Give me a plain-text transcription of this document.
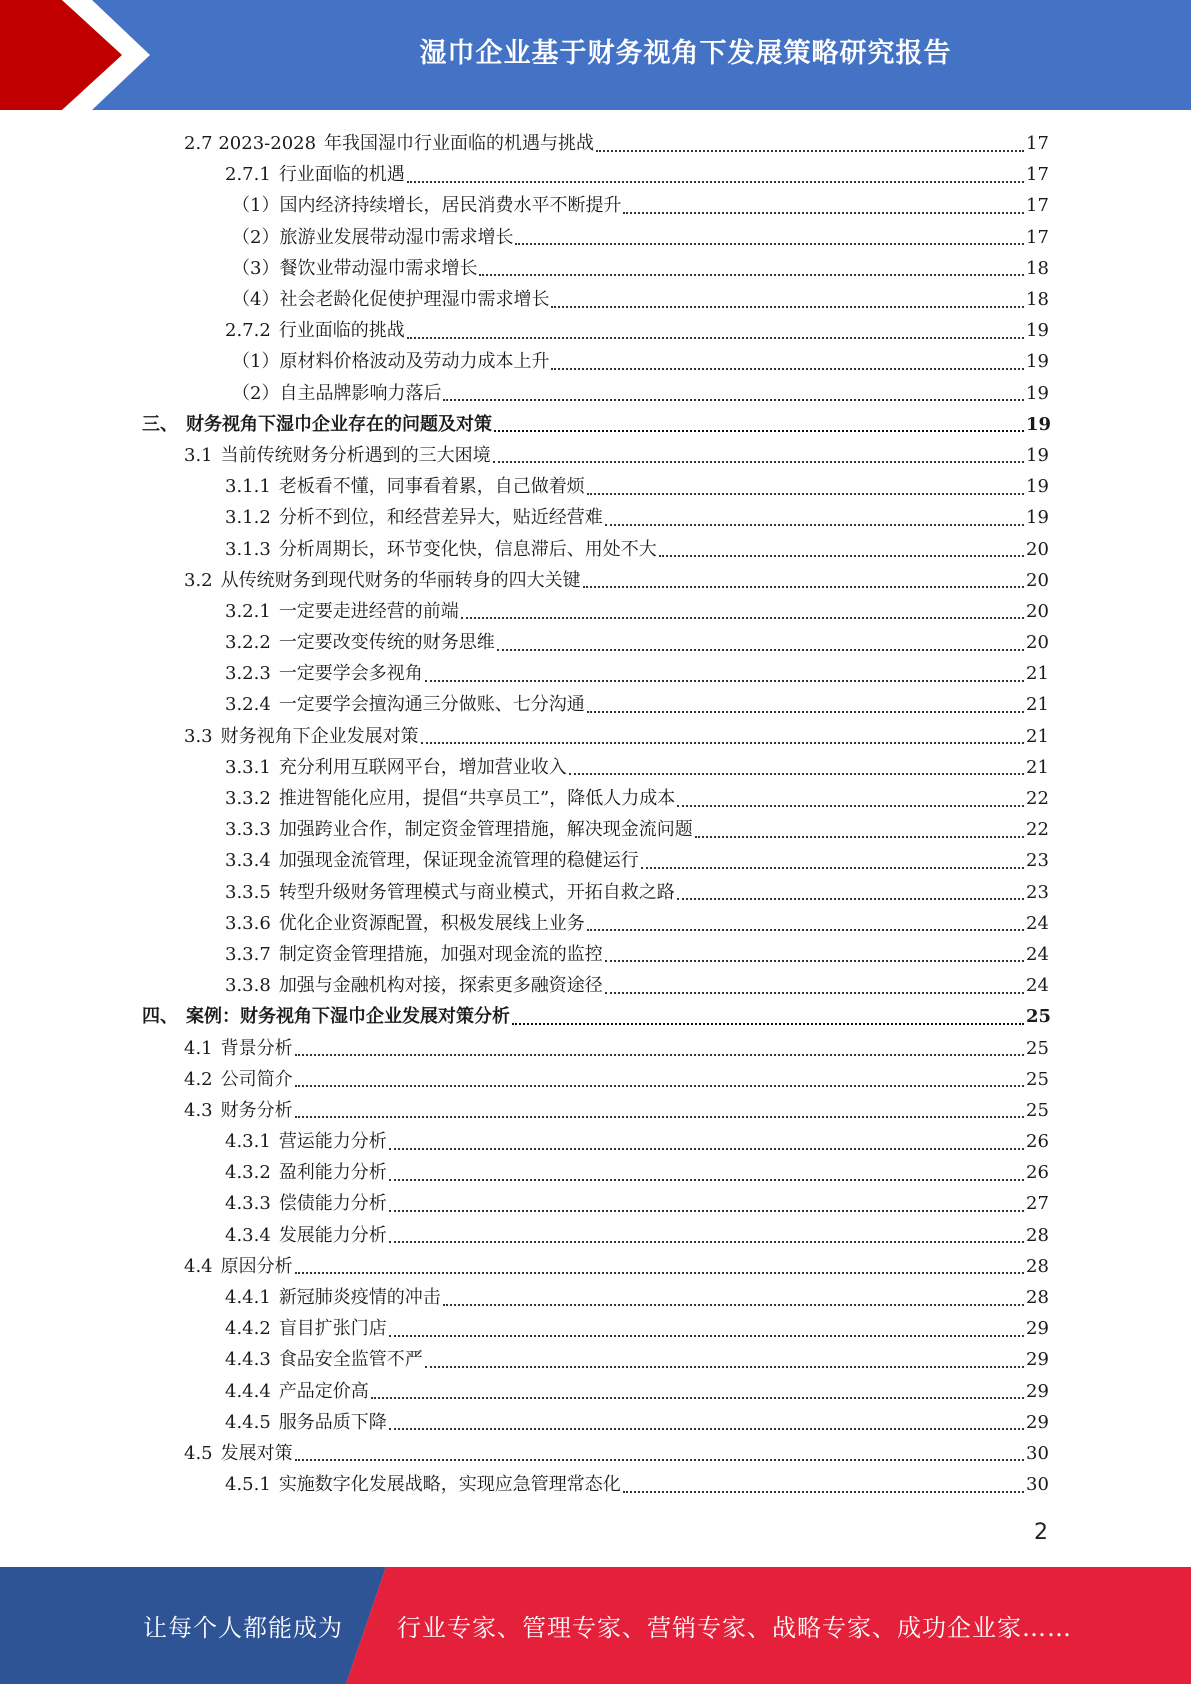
湿巾企业基于财务视角下发展策略研究报告
2.7 2023-2028 年我国湿巾行业面临的机遇与挑战	17
2.7.1 行业面临的机遇	17
（1）国内经济持续增长，居民消费水平不断提升	17
（2）旅游业发展带动湿巾需求增长	17
（3）餐饮业带动湿巾需求增长	18
（4）社会老龄化促使护理湿巾需求增长	18
2.7.2 行业面临的挑战	19
（1）原材料价格波动及劳动力成本上升	19
（2）自主品牌影响力落后	19
三、 财务视角下湿巾企业存在的问题及对策	19
3.1 当前传统财务分析遇到的三大困境	19
3.1.1 老板看不懂，同事看着累，自己做着烦	19
3.1.2 分析不到位，和经营差异大，贴近经营难	19
3.1.3 分析周期长，环节变化快，信息滞后、用处不大	20
3.2 从传统财务到现代财务的华丽转身的四大关键	20
3.2.1 一定要走进经营的前端	20
3.2.2 一定要改变传统的财务思维	20
3.2.3 一定要学会多视角	21
3.2.4 一定要学会擅沟通三分做账、七分沟通	21
3.3 财务视角下企业发展对策	21
3.3.1 充分利用互联网平台，增加营业收入	21
3.3.2 推进智能化应用，提倡“共享员工”，降低人力成本	22
3.3.3 加强跨业合作，制定资金管理措施，解决现金流问题	22
3.3.4 加强现金流管理，保证现金流管理的稳健运行	23
3.3.5 转型升级财务管理模式与商业模式，开拓自救之路	23
3.3.6 优化企业资源配置，积极发展线上业务	24
3.3.7 制定资金管理措施，加强对现金流的监控	24
3.3.8 加强与金融机构对接，探索更多融资途径	24
四、 案例：财务视角下湿巾企业发展对策分析	25
4.1 背景分析	25
4.2 公司简介	25
4.3 财务分析	25
4.3.1 营运能力分析	26
4.3.2 盈利能力分析	26
4.3.3 偿债能力分析	27
4.3.4 发展能力分析	28
4.4 原因分析	28
4.4.1 新冠肺炎疫情的冲击	28
4.4.2 盲目扩张门店	29
4.4.3 食品安全监管不严	29
4.4.4 产品定价高	29
4.4.5 服务品质下降	29
4.5 发展对策	30
4.5.1 实施数字化发展战略，实现应急管理常态化	30
2
让每个人都能成为 行业专家、管理专家、营销专家、战略专家、成功企业家……
